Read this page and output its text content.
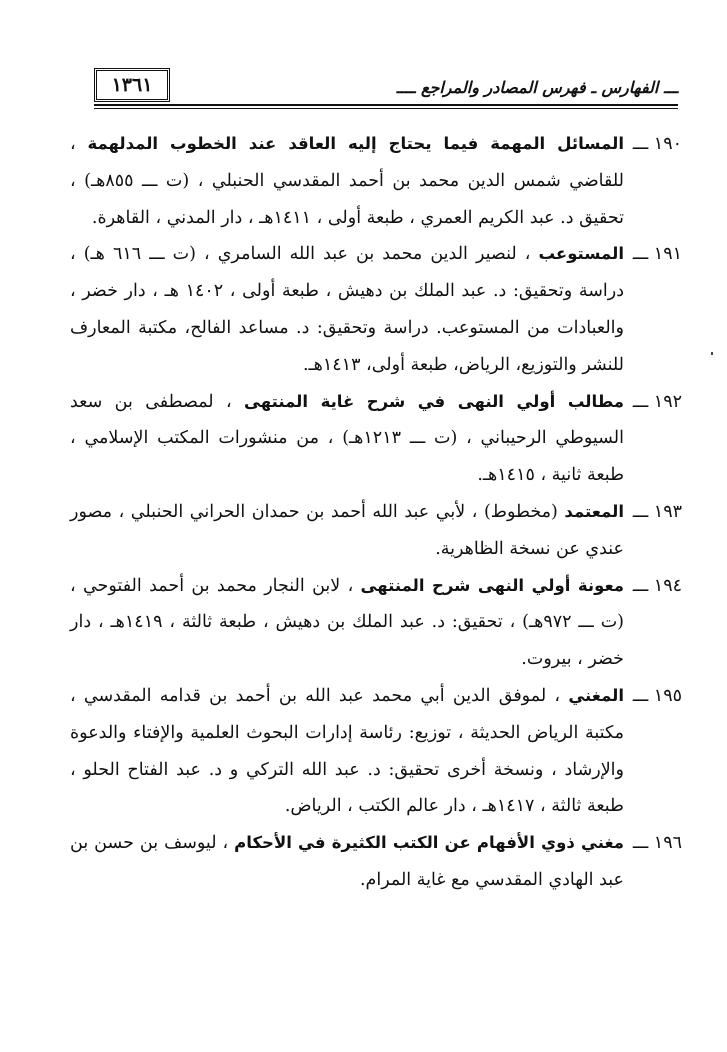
١٣٦١	ـــ الفهارس ـ فهرس المصادر والمراجع ــــ

١٩٠ ـــ
المسائل المهمة فيما يحتاج إليه العاقد عند الخطوب المدلهمة ، للقاضي شمس الدين محمد بن أحمد المقدسي الحنبلي ، (ت ـــ ٨٥٥هـ) ، تحقيق د. عبد الكريم العمري ، طبعة أولى ، ١٤١١هـ ، دار المدني ، القاهرة.

١٩١ ـــ
المستوعب ، لنصير الدين محمد بن عبد الله السامري ، (ت ـــ ٦١٦ هـ) ، دراسة وتحقيق: د. عبد الملك بن دهيش ، طبعة أولى ، ١٤٠٢ هـ ، دار خضر ، والعبادات من المستوعب. دراسة وتحقيق: د. مساعد الفالح، مكتبة المعارف للنشر والتوزيع، الرياض، طبعة أولى، ١٤١٣هـ.

١٩٢ ـــ
مطالب أولي النهى في شرح غاية المنتهى ، لمصطفى بن سعد السيوطي الرحيباني ، (ت ـــ ١٢١٣هـ) ، من منشورات المكتب الإسلامي ، طبعة ثانية ، ١٤١٥هـ.

١٩٣ ـــ
المعتمد (مخطوط) ، لأبي عبد الله أحمد بن حمدان الحراني الحنبلي ، مصور عندي عن نسخة الظاهرية.

١٩٤ ـــ
معونة أولي النهى شرح المنتهى ، لابن النجار محمد بن أحمد الفتوحي ، (ت ـــ ٩٧٢هـ) ، تحقيق: د. عبد الملك بن دهيش ، طبعة ثالثة ، ١٤١٩هـ ، دار خضر ، بيروت.

١٩٥ ـــ
المغني ، لموفق الدين أبي محمد عبد الله بن أحمد بن قدامه المقدسي ، مكتبة الرياض الحديثة ، توزيع: رئاسة إدارات البحوث العلمية والإفتاء والدعوة والإرشاد ، ونسخة أخرى تحقيق: د. عبد الله التركي و د. عبد الفتاح الحلو ، طبعة ثالثة ، ١٤١٧هـ ، دار عالم الكتب ، الرياض.

١٩٦ ـــ
مغني ذوي الأفهام عن الكتب الكثيرة في الأحكام ، ليوسف بن حسن بن عبد الهادي المقدسي مع غاية المرام.
